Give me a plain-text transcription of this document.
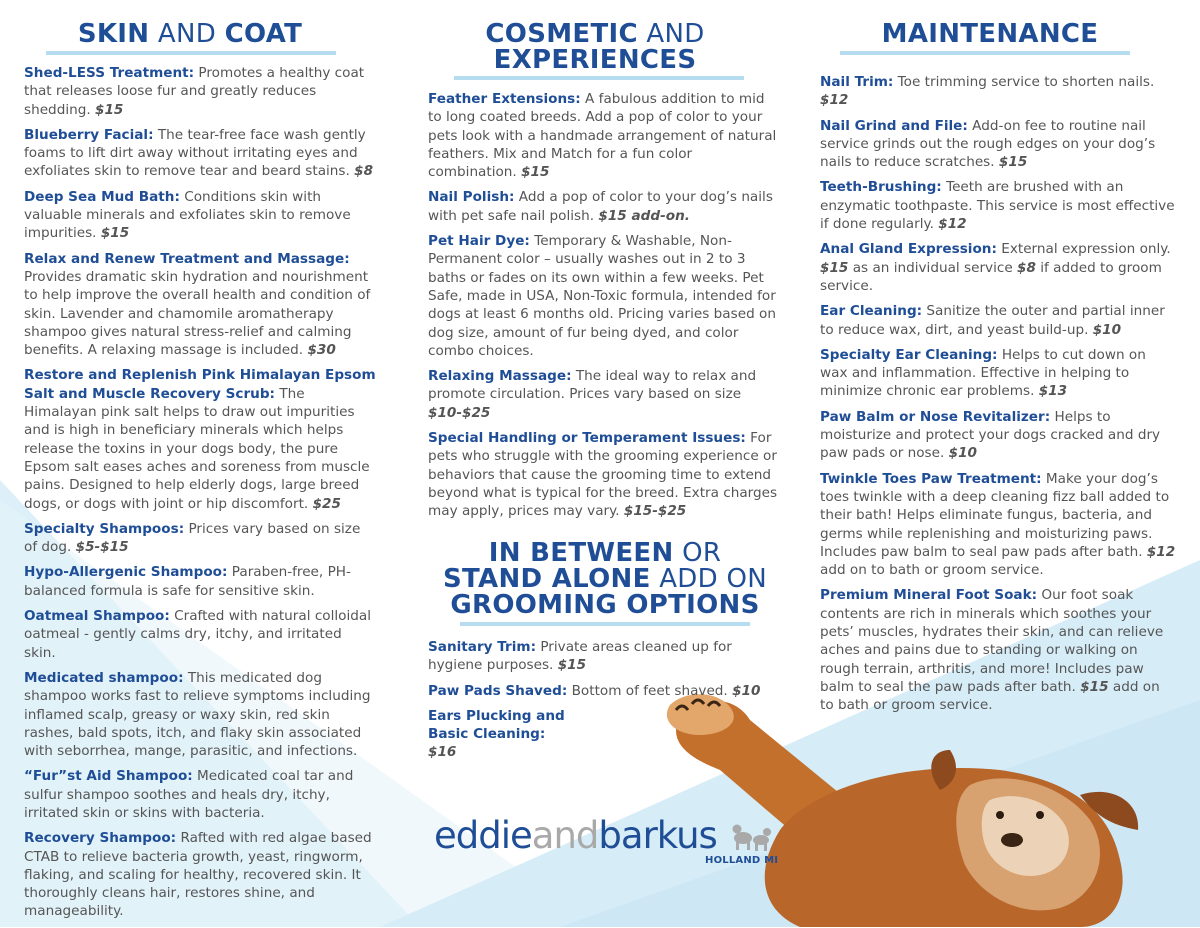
SKIN AND COAT	COSMETIC AND
EXPERIENCES
MAINTENANCE
Shed-LESS Treatment: Promotes a healthy coat that releases loose fur and greatly reduces shedding. $15
Blueberry Facial: The tear-free face wash gently foams to lift dirt away without irritating eyes and exfoliates skin to remove tear and beard stains. $8
Deep Sea Mud Bath: Conditions skin with valuable minerals and exfoliates skin to remove impurities. $15
Relax and Renew Treatment and Massage: Provides dramatic skin hydration and nourishment to help improve the overall health and condition of skin. Lavender and chamomile aromatherapy shampoo gives natural stress-relief and calming benefits. A relaxing massage is included. $30
Restore and Replenish Pink Himalayan Epsom Salt and Muscle Recovery Scrub: The Himalayan pink salt helps to draw out impurities and is high in beneficiary minerals which helps release the toxins in your dogs body, the pure Epsom salt eases aches and soreness from muscle pains. Designed to help elderly dogs, large breed dogs, or dogs with joint or hip discomfort. $25
Specialty Shampoos: Prices vary based on size of dog. $5-$15
Hypo-Allergenic Shampoo: Paraben-free, PH-balanced formula is safe for sensitive skin.
Oatmeal Shampoo: Crafted with natural colloidal oatmeal - gently calms dry, itchy, and irritated skin.
Medicated shampoo: This medicated dog shampoo works fast to relieve symptoms including inflamed scalp, greasy or waxy skin, red skin rashes, bald spots, itch, and flaky skin associated with seborrhea, mange, parasitic, and infections.
“Fur”st Aid Shampoo: Medicated coal tar and sulfur shampoo soothes and heals dry, itchy, irritated skin or skins with bacteria.
Recovery Shampoo: Rafted with red algae based CTAB to relieve bacteria growth, yeast, ringworm, flaking, and scaling for healthy, recovered skin. It thoroughly cleans hair, restores shine, and manageability.
Feather Extensions: A fabulous addition to mid to long coated breeds. Add a pop of color to your pets look with a handmade arrangement of natural feathers. Mix and Match for a fun color combination. $15
Nail Polish: Add a pop of color to your dog’s nails with pet safe nail polish. $15 add-on.
Pet Hair Dye: Temporary & Washable, Non-Permanent color – usually washes out in 2 to 3 baths or fades on its own within a few weeks. Pet Safe, made in USA, Non-Toxic formula, intended for dogs at least 6 months old. Pricing varies based on dog size, amount of fur being dyed, and color combo choices.
Relaxing Massage: The ideal way to relax and promote circulation. Prices vary based on size $10-$25
Special Handling or Temperament Issues: For pets who struggle with the grooming experience or behaviors that cause the grooming time to extend beyond what is typical for the breed. Extra charges may apply, prices may vary. $15-$25
IN BETWEEN OR
STAND ALONE ADD ON
GROOMING OPTIONS
Sanitary Trim: Private areas cleaned up for hygiene purposes. $15
Paw Pads Shaved: Bottom of feet shaved. $10
Ears Plucking and Basic Cleaning: $16
Nail Trim: Toe trimming service to shorten nails. $12
Nail Grind and File: Add-on fee to routine nail service grinds out the rough edges on your dog’s nails to reduce scratches. $15
Teeth-Brushing: Teeth are brushed with an enzymatic toothpaste. This service is most effective if done regularly. $12
Anal Gland Expression: External expression only. $15 as an individual service $8 if added to groom service.
Ear Cleaning: Sanitize the outer and partial inner to reduce wax, dirt, and yeast build-up. $10
Specialty Ear Cleaning: Helps to cut down on wax and inflammation. Effective in helping to minimize chronic ear problems. $13
Paw Balm or Nose Revitalizer: Helps to moisturize and protect your dogs cracked and dry paw pads or nose. $10
Twinkle Toes Paw Treatment: Make your dog’s toes twinkle with a deep cleaning fizz ball added to their bath! Helps eliminate fungus, bacteria, and germs while replenishing and moisturizing paws. Includes paw balm to seal paw pads after bath. $12 add on to bath or groom service.
Premium Mineral Foot Soak: Our foot soak contents are rich in minerals which soothes your pets’ muscles, hydrates their skin, and can relieve aches and pains due to standing or walking on rough terrain, arthritis, and more! Includes paw balm to seal the paw pads after bath. $15 add on to bath or groom service.
eddieandbarkus
HOLLAND MI
